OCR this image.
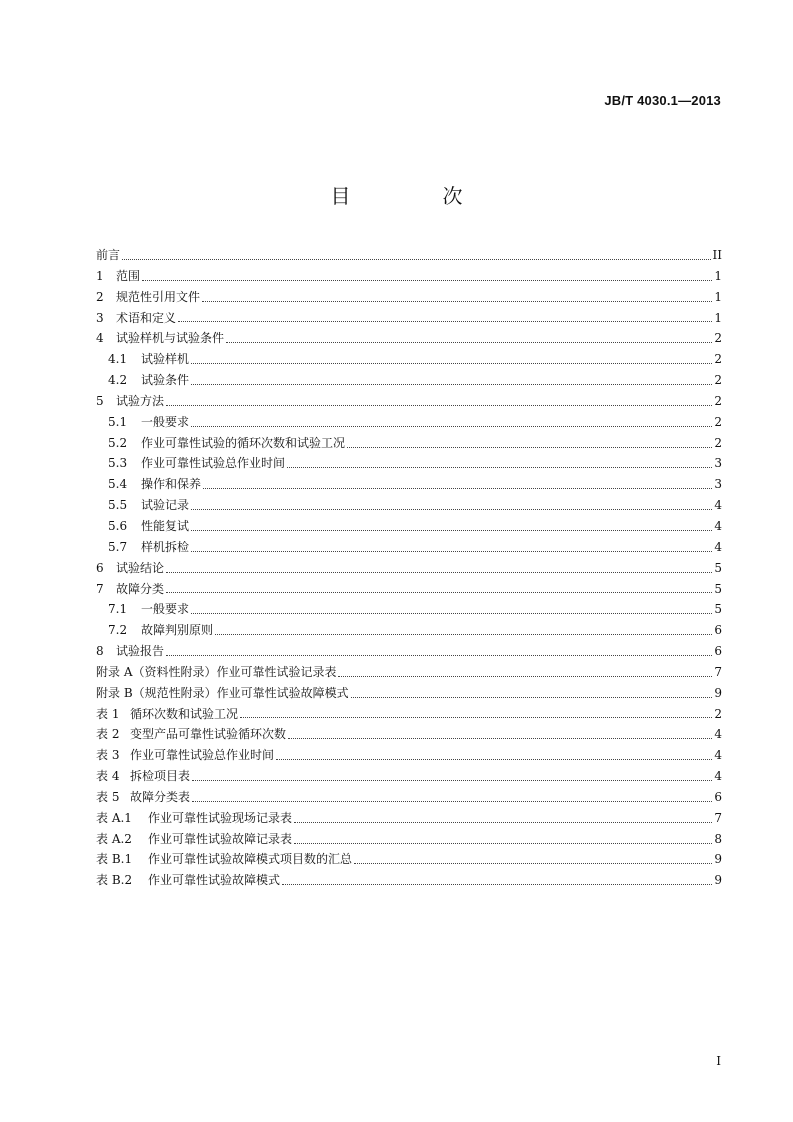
JB/T 4030.1—2013
目　次
前言	II
1	范围	1
2	规范性引用文件	1
3	术语和定义	1
4	试验样机与试验条件	2
4.1	试验样机	2
4.2	试验条件	2
5	试验方法	2
5.1	一般要求	2
5.2	作业可靠性试验的循环次数和试验工况	2
5.3	作业可靠性试验总作业时间	3
5.4	操作和保养	3
5.5	试验记录	4
5.6	性能复试	4
5.7	样机拆检	4
6	试验结论	5
7	故障分类	5
7.1	一般要求	5
7.2	故障判别原则	6
8	试验报告	6
附录 A（资料性附录）作业可靠性试验记录表	7
附录 B（规范性附录）作业可靠性试验故障模式	9
表 1 循环次数和试验工况	2
表 2 变型产品可靠性试验循环次数	4
表 3 作业可靠性试验总作业时间	4
表 4 拆检项目表	4
表 5 故障分类表	6
表 A.1	作业可靠性试验现场记录表	7
表 A.2	作业可靠性试验故障记录表	8
表 B.1	作业可靠性试验故障模式项目数的汇总	9
表 B.2	作业可靠性试验故障模式	9
I
